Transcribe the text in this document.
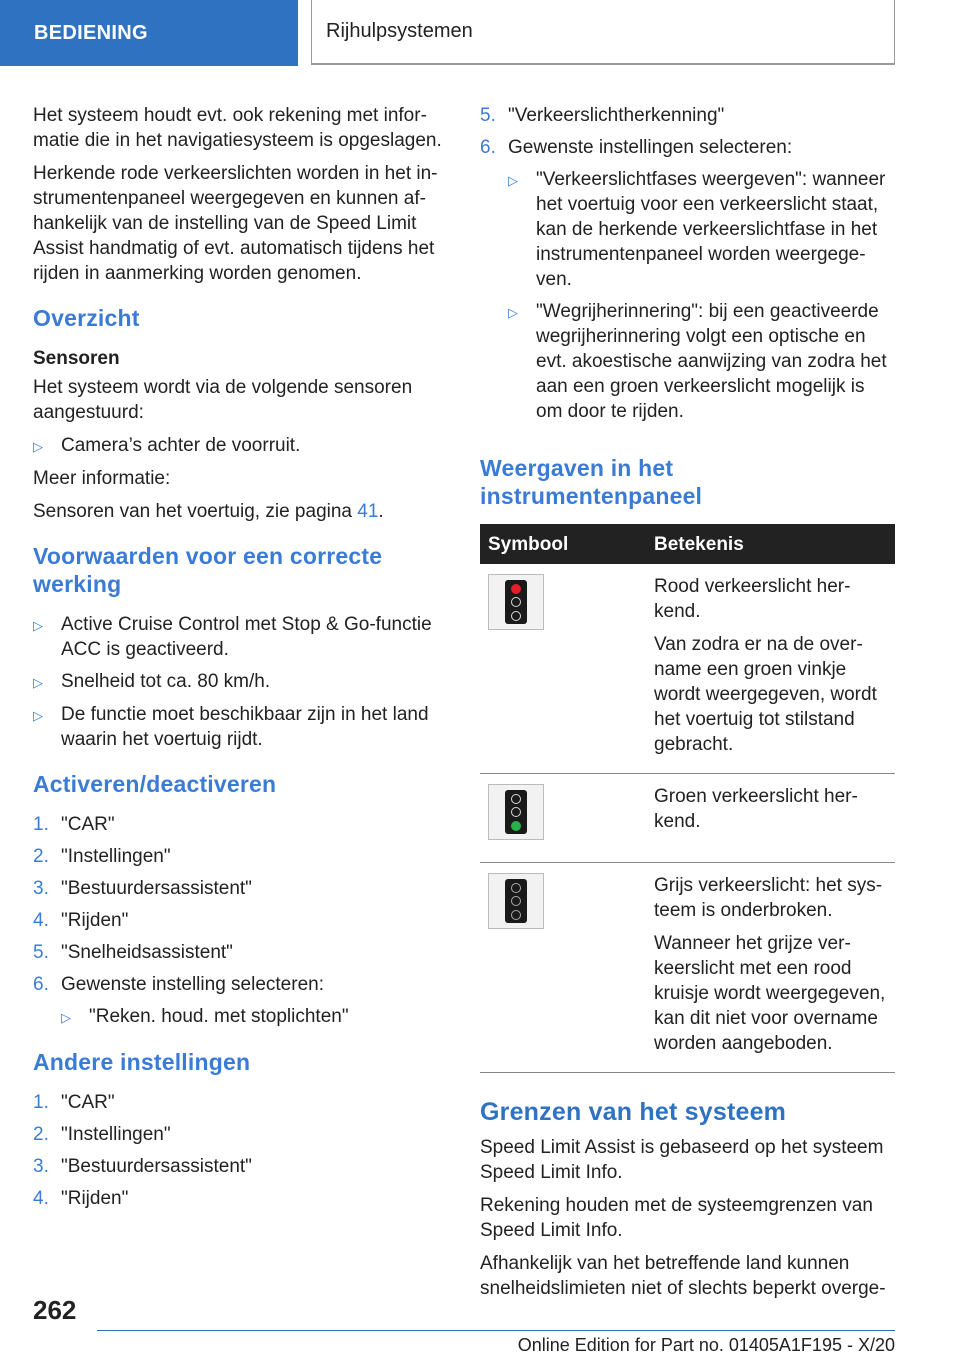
BEDIENING	Rijhulpsystemen

Het systeem houdt evt. ook rekening met informatie die in het navigatiesysteem is opgeslagen.

Herkende rode verkeerslichten worden in het instrumentenpaneel weergegeven en kunnen afhankelijk van de instelling van de Speed Limit Assist handmatig of evt. automatisch tijdens het rijden in aanmerking worden genomen.

Overzicht
Sensoren

Het systeem wordt via de volgende sensoren aangestuurd:

▷ Camera’s achter de voorruit.

Meer informatie:

Sensoren van het voertuig, zie pagina 41.

Voorwaarden voor een correcte werking
▷ Active Cruise Control met Stop & Go-functie ACC is geactiveerd.
▷ Snelheid tot ca. 80 km/h.
▷ De functie moet beschikbaar zijn in het land waarin het voertuig rijdt.
Activeren/deactiveren
1. "CAR"
2. "Instellingen"
3. "Bestuurdersassistent"
4. "Rijden"
5. "Snelheidsassistent"
6. Gewenste instelling selecteren:
▷ "Reken. houd. met stoplichten"
Andere instellingen
1. "CAR"
2. "Instellingen"
3. "Bestuurdersassistent"
4. "Rijden"
5. "Verkeerslichtherkenning"
6. Gewenste instellingen selecteren:
▷ "Verkeerslichtfases weergeven": wanneer het voertuig voor een verkeerslicht staat, kan de herkende verkeerslichtfase in het instrumentenpaneel worden weergegeven.
▷ "Wegrijherinnering": bij een geactiveerde wegrijherinnering volgt een optische en evt. akoestische aanwijzing van zodra het aan een groen verkeerslicht mogelijk is om door te rijden.
Weergaven in het instrumentenpaneel
Symbool	Betekenis

	Rood verkeerslicht herkend.

Van zodra er na de overname een groen vinkje wordt weergegeven, wordt het voertuig tot stilstand gebracht.

	Groen verkeerslicht herkend.

	Grijs verkeerslicht: het systeem is onderbroken.

Wanneer het grijze verkeerslicht met een rood kruisje wordt weergegeven, kan dit niet voor overname worden aangeboden.

Grenzen van het systeem

Speed Limit Assist is gebaseerd op het systeem Speed Limit Info.

Rekening houden met de systeemgrenzen van Speed Limit Info.

Afhankelijk van het betreffende land kunnen snelheidslimieten niet of slechts beperkt overge-

262
Online Edition for Part no. 01405A1F195 - X/20
